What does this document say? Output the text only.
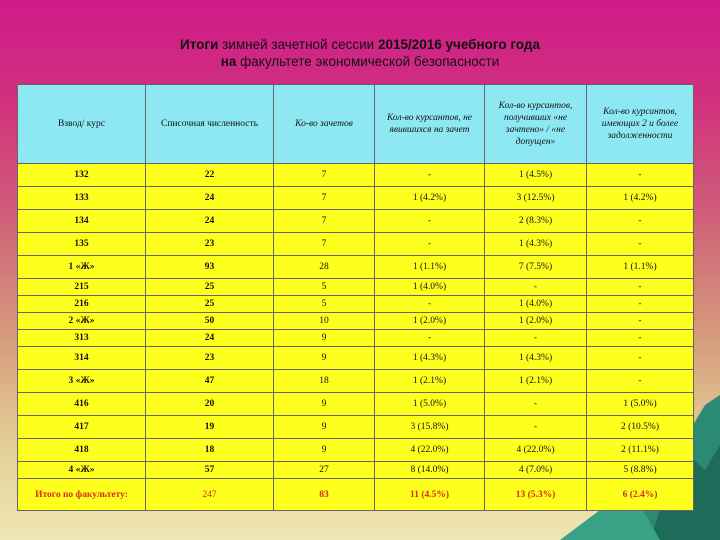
Итоги зимней зачетной сессии 2015/2016 учебного года
на факультете экономической безопасности
Взвод/ курс	Списочная численность	Ко-во зачетов	Кол-во курсантов, не явившихся на зачет	Кол-во курсантов, получивших «не зачтено» / «не допущен»	Кол-во курсантов, имеющих 2 и более задолженности
132	22	7	-	1 (4.5%)	-
133	24	7	1 (4.2%)	3 (12.5%)	1 (4.2%)
134	24	7	-	2 (8.3%)	-
135	23	7	-	1 (4.3%)	-
1 «Ж»	93	28	1 (1.1%)	7 (7.5%)	1 (1.1%)
215	25	5	1 (4.0%)	-	-
216	25	5	-	1 (4.0%)	-
2 «Ж»	50	10	1 (2.0%)	1 (2.0%)	-
313	24	9	-	-	-
314	23	9	1 (4.3%)	1 (4.3%)	-
3 «Ж»	47	18	1 (2.1%)	1 (2.1%)	-
416	20	9	1 (5.0%)	-	1 (5.0%)
417	19	9	3 (15.8%)	-	2 (10.5%)
418	18	9	4 (22.0%)	4 (22.0%)	2 (11.1%)
4 «Ж»	57	27	8 (14.0%)	4 (7.0%)	5 (8.8%)
Итого по факультету:	247	83	11 (4.5%)	13 (5.3%)	6 (2.4%)
